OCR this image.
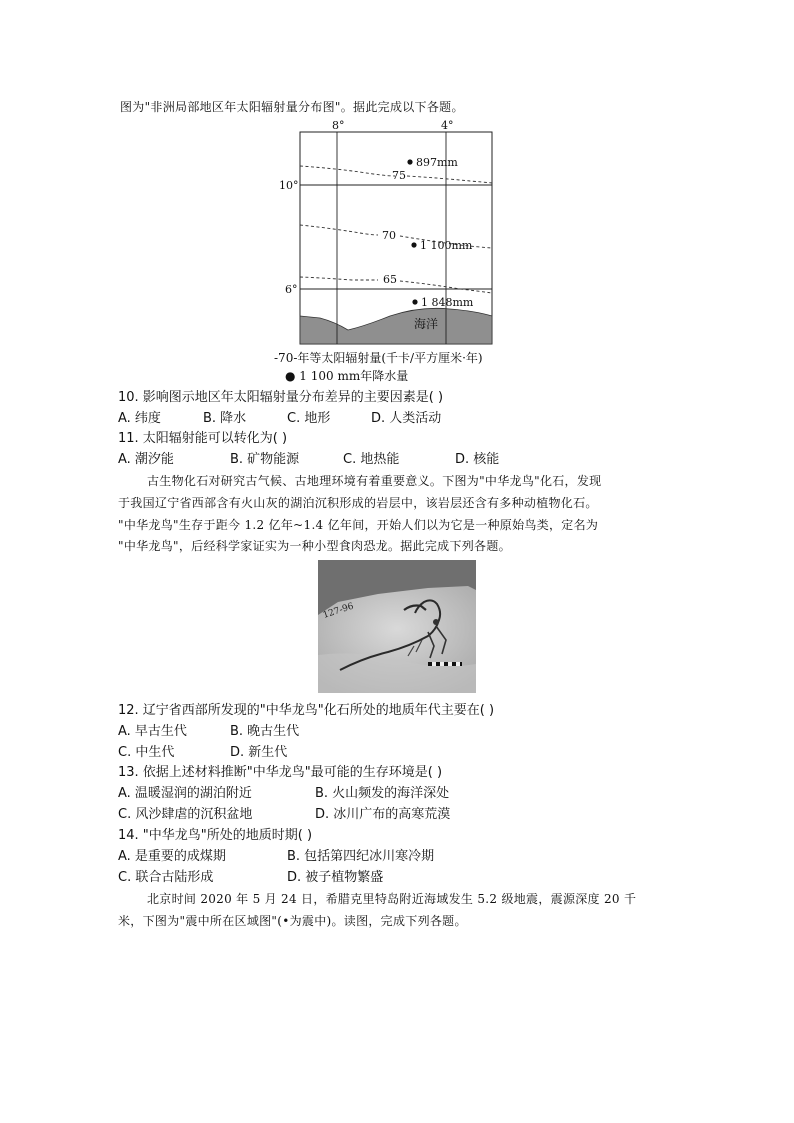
图为"非洲局部地区年太阳辐射量分布图"。据此完成以下各题。
75
70
65
897mm
1 100mm
1 848mm
海洋
8°	4°
10°
6°
-70-年等太阳辐射量(千卡/平方厘米·年)
● 1 100 mm年降水量
10. 影响图示地区年太阳辐射量分布差异的主要因素是( )
A. 纬度	B. 降水	C. 地形	D. 人类活动
11. 太阳辐射能可以转化为( )
A. 潮汐能	B. 矿物能源	C. 地热能	D. 核能
古生物化石对研究古气候、古地理环境有着重要意义。下图为"中华龙鸟"化石，发现
于我国辽宁省西部含有火山灰的湖泊沉积形成的岩层中，该岩层还含有多种动植物化石。
"中华龙鸟"生存于距今 1.2 亿年~1.4 亿年间，开始人们以为它是一种原始鸟类，定名为
"中华龙鸟"，后经科学家证实为一种小型食肉恐龙。据此完成下列各题。
127-96
12. 辽宁省西部所发现的"中华龙鸟"化石所处的地质年代主要在( )
A. 早古生代	B. 晚古生代
C. 中生代	D. 新生代
13. 依据上述材料推断"中华龙鸟"最可能的生存环境是( )
A. 温暖湿润的湖泊附近	B. 火山频发的海洋深处
C. 风沙肆虐的沉积盆地	D. 冰川广布的高寒荒漠
14. "中华龙鸟"所处的地质时期( )
A. 是重要的成煤期	B. 包括第四纪冰川寒冷期
C. 联合古陆形成	D. 被子植物繁盛
北京时间 2020 年 5 月 24 日，希腊克里特岛附近海域发生 5.2 级地震，震源深度 20 千
米，下图为"震中所在区域图"(•为震中)。读图，完成下列各题。
